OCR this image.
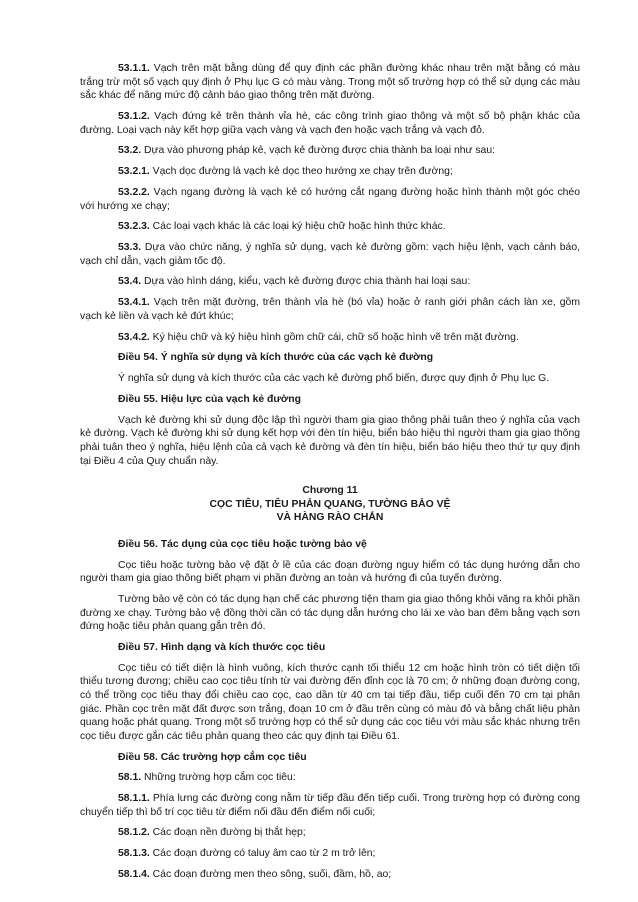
53.1.1. Vạch trên mặt bằng dùng để quy định các phần đường khác nhau trên mặt bằng có màu trắng trừ một số vạch quy định ở Phụ lục G có màu vàng. Trong một số trường hợp có thể sử dụng các màu sắc khác để nâng mức độ cảnh báo giao thông trên mặt đường.

53.1.2. Vạch đứng kẻ trên thành vỉa hè, các công trình giao thông và một số bộ phận khác của đường. Loại vạch này kết hợp giữa vạch vàng và vạch đen hoặc vạch trắng và vạch đỏ.

53.2. Dựa vào phương pháp kẻ, vạch kẻ đường được chia thành ba loại như sau:

53.2.1. Vạch dọc đường là vạch kẻ dọc theo hướng xe chạy trên đường;

53.2.2. Vạch ngang đường là vạch kẻ có hướng cắt ngang đường hoặc hình thành một góc chéo với hướng xe chạy;

53.2.3. Các loại vạch khác là các loại ký hiệu chữ hoặc hình thức khác.

53.3. Dựa vào chức năng, ý nghĩa sử dụng, vạch kẻ đường gồm: vạch hiệu lệnh, vạch cảnh báo, vạch chỉ dẫn, vạch giảm tốc độ.

53.4. Dựa vào hình dáng, kiểu, vạch kẻ đường được chia thành hai loại sau:

53.4.1. Vạch trên mặt đường, trên thành vỉa hè (bó vỉa) hoặc ở ranh giới phân cách làn xe, gồm vạch kẻ liền và vạch kẻ đứt khúc;

53.4.2. Ký hiệu chữ và ký hiệu hình gồm chữ cái, chữ số hoặc hình vẽ trên mặt đường.

Điều 54. Ý nghĩa sử dụng và kích thước của các vạch kẻ đường

Ý nghĩa sử dụng và kích thước của các vạch kẻ đường phố biến, được quy định ở Phụ lục G.

Điều 55. Hiệu lực của vạch kẻ đường

Vạch kẻ đường khi sử dụng độc lập thì người tham gia giao thông phải tuân theo ý nghĩa của vạch kẻ đường. Vạch kẻ đường khi sử dụng kết hợp với đèn tín hiệu, biển báo hiệu thì người tham gia giao thông phải tuân theo ý nghĩa, hiệu lệnh của cả vạch kẻ đường và đèn tín hiệu, biển báo hiệu theo thứ tự quy định tại Điều 4 của Quy chuẩn này.

Chương 11
CỌC TIÊU, TIÊU PHẢN QUANG, TƯỜNG BẢO VỆ
VÀ HÀNG RÀO CHẮN

Điều 56. Tác dụng của cọc tiêu hoặc tường bảo vệ

Cọc tiêu hoặc tường bảo vệ đặt ở lề của các đoạn đường nguy hiểm có tác dụng hướng dẫn cho người tham gia giao thông biết phạm vi phần đường an toàn và hướng đi của tuyến đường.

Tường bảo vệ còn có tác dụng hạn chế các phương tiện tham gia giao thông khỏi văng ra khỏi phần đường xe chạy. Tường bảo vệ đồng thời cần có tác dụng dẫn hướng cho lái xe vào ban đêm bằng vạch sơn đứng hoặc tiêu phản quang gắn trên đó.

Điều 57. Hình dạng và kích thước cọc tiêu

Cọc tiêu có tiết diện là hình vuông, kích thước cạnh tối thiểu 12 cm hoặc hình tròn có tiết diện tối thiểu tương đương; chiều cao cọc tiêu tính từ vai đường đến đỉnh cọc là 70 cm; ở những đoạn đường cong, có thể trồng cọc tiêu thay đổi chiều cao cọc, cao dần từ 40 cm tại tiếp đầu, tiếp cuối đến 70 cm tại phân giác. Phần cọc trên mặt đất được sơn trắng, đoạn 10 cm ở đầu trên cùng có màu đỏ và bằng chất liệu phản quang hoặc phát quang. Trong một số trường hợp có thể sử dụng các cọc tiêu với màu sắc khác nhưng trên cọc tiêu được gắn các tiêu phản quang theo các quy định tại Điều 61.

Điều 58. Các trường hợp cắm cọc tiêu

58.1. Những trường hợp cắm cọc tiêu:

58.1.1. Phía lưng các đường cong nằm từ tiếp đầu đến tiếp cuối. Trong trường hợp có đường cong chuyển tiếp thì bố trí cọc tiêu từ điểm nối đầu đến điểm nối cuối;

58.1.2. Các đoạn nền đường bị thắt hẹp;

58.1.3. Các đoạn đường có taluy âm cao từ 2 m trở lên;

58.1.4. Các đoạn đường men theo sông, suối, đầm, hồ, ao;
